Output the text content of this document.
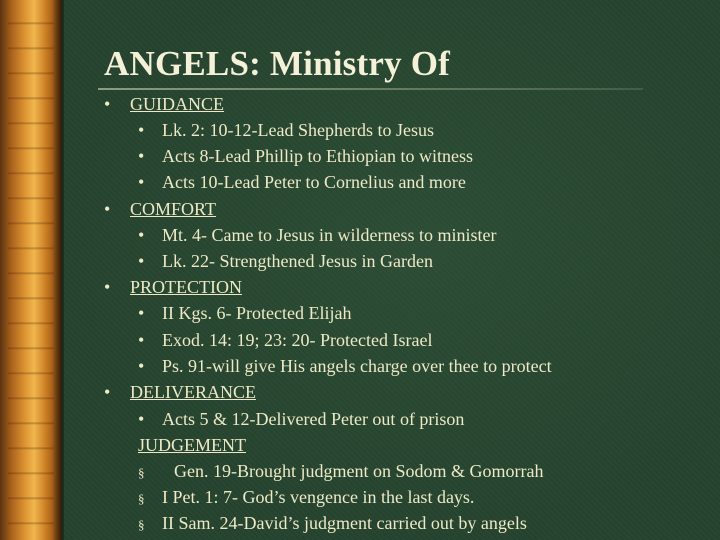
ANGELS: Ministry Of
• GUIDANCE
• Lk. 2: 10-12-Lead Shepherds to Jesus
• Acts 8-Lead Phillip to Ethiopian to witness
• Acts 10-Lead Peter to Cornelius and more
• COMFORT
• Mt. 4- Came to Jesus in wilderness to minister
• Lk. 22- Strengthened Jesus in Garden
• PROTECTION
• II Kgs. 6- Protected Elijah
• Exod. 14: 19; 23: 20- Protected Israel
• Ps. 91-will give His angels charge over thee to protect
• DELIVERANCE
• Acts 5 & 12-Delivered Peter out of prison
JUDGEMENT
§ Gen. 19-Brought judgment on Sodom & Gomorrah
§ I Pet. 1: 7- God’s vengence in the last days.
§ II Sam. 24-David’s judgment carried out by angels
